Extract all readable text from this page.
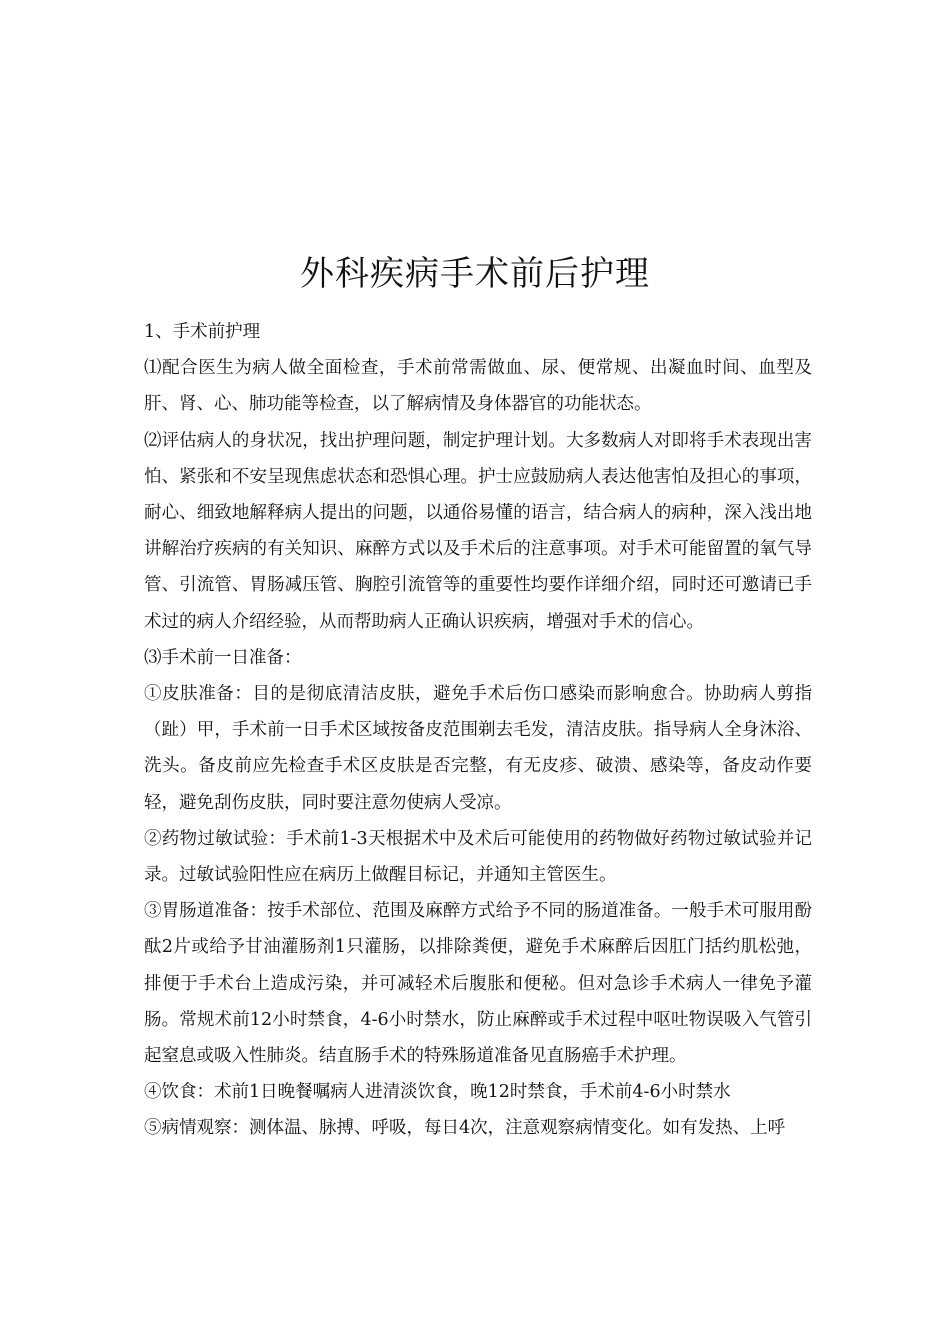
外科疾病手术前后护理

1、手术前护理

⑴配合医生为病人做全面检查，手术前常需做血、尿、便常规、出凝血时间、血型及肝、肾、心、肺功能等检查，以了解病情及身体器官的功能状态。

⑵评估病人的身状况，找出护理问题，制定护理计划。大多数病人对即将手术表现出害怕、紧张和不安呈现焦虑状态和恐惧心理。护士应鼓励病人表达他害怕及担心的事项，耐心、细致地解释病人提出的问题，以通俗易懂的语言，结合病人的病种，深入浅出地讲解治疗疾病的有关知识、麻醉方式以及手术后的注意事项。对手术可能留置的氧气导管、引流管、胃肠减压管、胸腔引流管等的重要性均要作详细介绍，同时还可邀请已手术过的病人介绍经验，从而帮助病人正确认识疾病，增强对手术的信心。

⑶手术前一日准备：

①皮肤准备：目的是彻底清洁皮肤，避免手术后伤口感染而影响愈合。协助病人剪指（趾）甲，手术前一日手术区域按备皮范围剃去毛发，清洁皮肤。指导病人全身沐浴、洗头。备皮前应先检查手术区皮肤是否完整，有无皮疹、破溃、感染等，备皮动作要轻，避免刮伤皮肤，同时要注意勿使病人受凉。

②药物过敏试验：手术前1-3天根据术中及术后可能使用的药物做好药物过敏试验并记录。过敏试验阳性应在病历上做醒目标记，并通知主管医生。

③胃肠道准备：按手术部位、范围及麻醉方式给予不同的肠道准备。一般手术可服用酚酞2片或给予甘油灌肠剂1只灌肠，以排除粪便，避免手术麻醉后因肛门括约肌松弛，排便于手术台上造成污染，并可减轻术后腹胀和便秘。但对急诊手术病人一律免予灌肠。常规术前12小时禁食，4-6小时禁水，防止麻醉或手术过程中呕吐物误吸入气管引起窒息或吸入性肺炎。结直肠手术的特殊肠道准备见直肠癌手术护理。

④饮食：术前1日晚餐嘱病人进清淡饮食，晚12时禁食，手术前4-6小时禁水

⑤病情观察：测体温、脉搏、呼吸，每日4次，注意观察病情变化。如有发热、上呼
